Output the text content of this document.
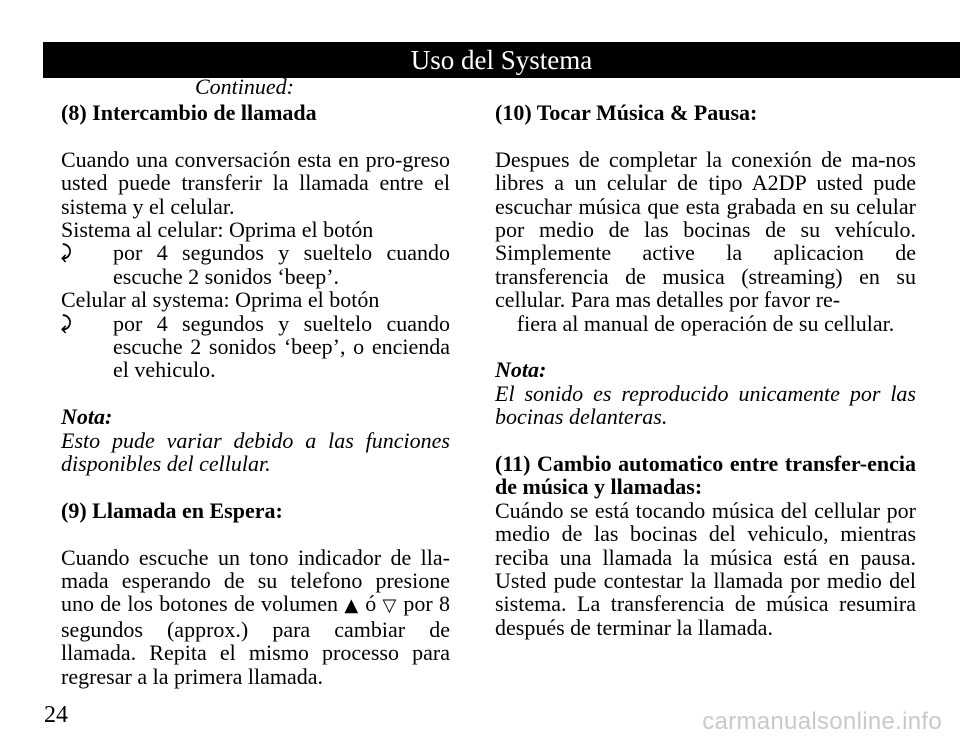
Uso del Systema
Continued:

(8) Intercambio de llamada

Cuando una conversación esta en pro-greso usted puede transferir la llamada entre el sistema y el celular.

Sistema al celular: Oprima el botón

⤸ por 4 segundos y sueltelo cuando escuche 2 sonidos ‘beep’.

Celular al systema: Oprima el botón

⤸ por 4 segundos y sueltelo cuando escuche 2 sonidos ‘beep’, o encienda el vehiculo.

Nota:

Esto pude variar debido a las funciones disponibles del cellular.

(9) Llamada en Espera:

Cuando escuche un tono indicador de lla-mada esperando de su telefono presione uno de los botones de volumen ▲ ó ▽ por 8 segundos (approx.) para cambiar de llamada. Repita el mismo processo para regresar a la primera llamada.

(10) Tocar Música & Pausa:

Despues de completar la conexión de ma-nos libres a un celular de tipo A2DP usted pude escuchar música que esta grabada en su celular por medio de las bocinas de su vehículo. Simplemente active la aplicacion de transferencia de musica (streaming) en su cellular. Para mas detalles por favor re-

fiera al manual de operación de su cellular.

Nota:

El sonido es reproducido unicamente por las bocinas delanteras.

(11) Cambio automatico entre transfer-encia de música y llamadas:

Cuándo se está tocando música del cellular por medio de las bocinas del vehiculo, mientras reciba una llamada la música está en pausa. Usted pude contestar la llamada por medio del sistema. La transferencia de música resumira después de terminar la llamada.

24	carmanualsonline.info
